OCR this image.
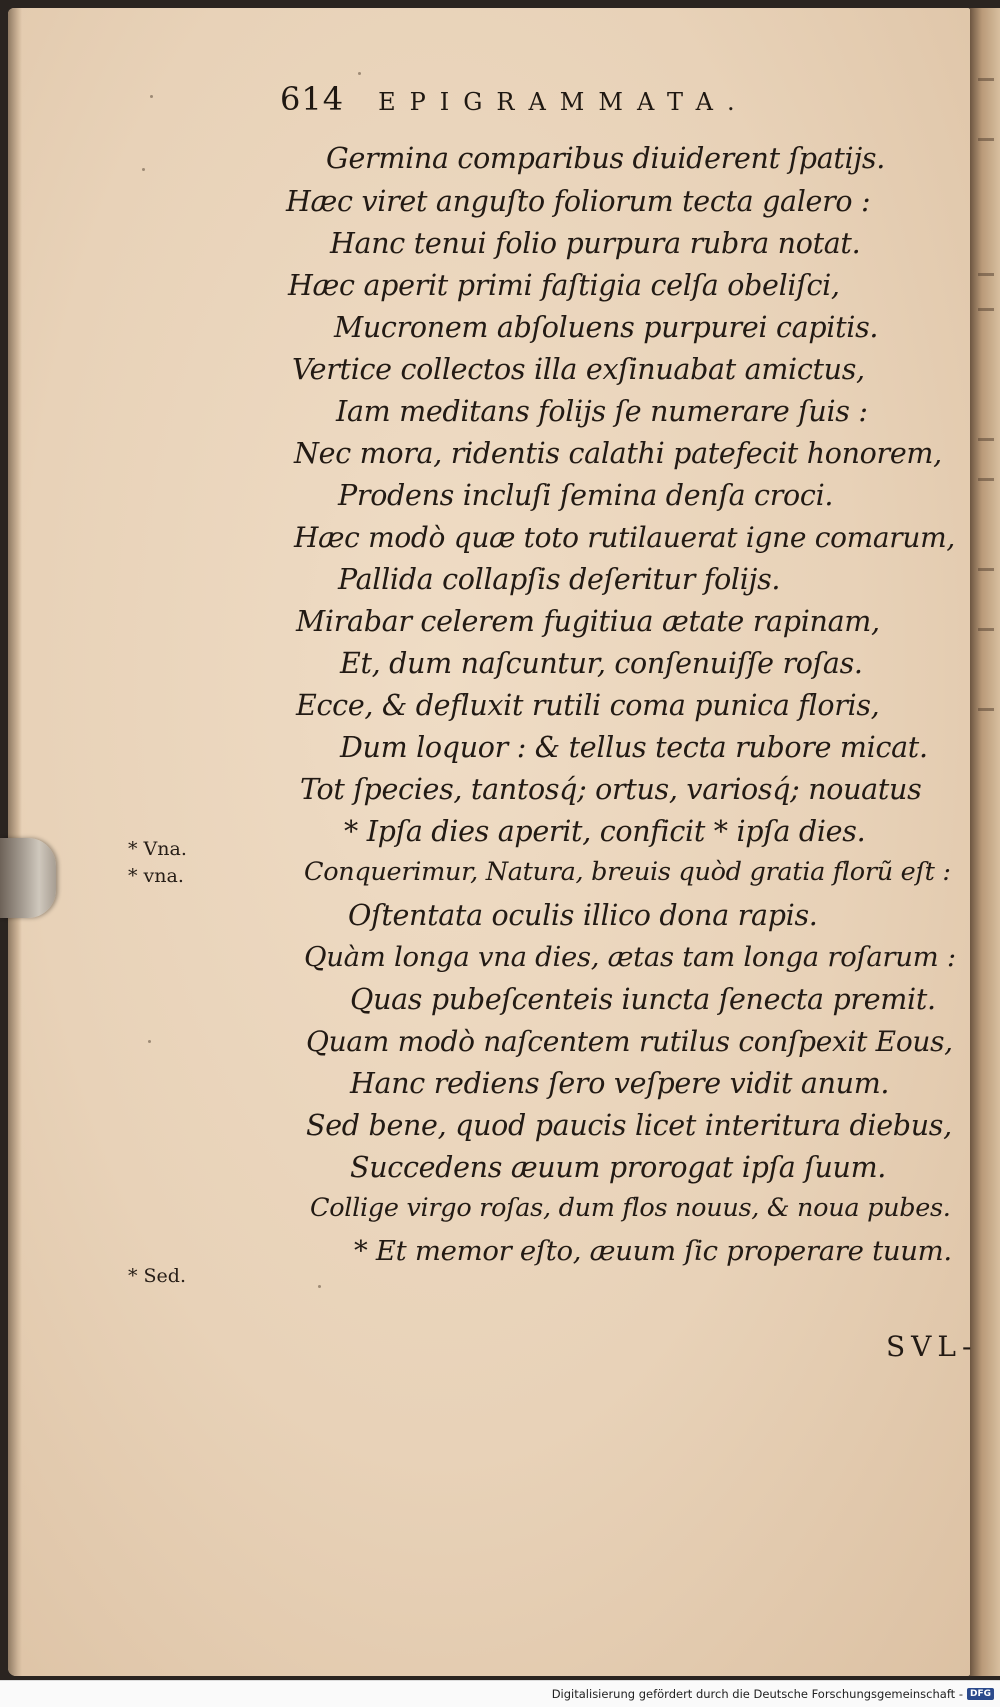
614 EPIGRAMMATA.
Germina comparibus diuiderent ſpatijs.
Hæc viret anguſto foliorum tecta galero :
Hanc tenui folio purpura rubra notat.
Hæc aperit primi faſtigia celſa obeliſci,
Mucronem abſoluens purpurei capitis.
Vertice collectos illa exſinuabat amictus,
Iam meditans folijs ſe numerare ſuis :
Nec mora, ridentis calathi patefecit honorem,
Prodens incluſi ſemina denſa croci.
Hæc modò quæ toto rutilauerat igne comarum,
Pallida collapſis deſeritur folijs.
Mirabar celerem fugitiua ætate rapinam,
Et, dum naſcuntur, conſenuiſſe roſas.
Ecce, & defluxit rutili coma punica floris,
Dum loquor : & tellus tecta rubore micat.
Tot ſpecies, tantosq́; ortus, variosq́; nouatus
* Ipſa dies aperit, conficit * ipſa dies.
Conquerimur, Natura, breuis quòd gratia florũ eſt :
Oſtentata oculis illico dona rapis.
Quàm longa vna dies, ætas tam longa roſarum :
Quas pubeſcenteis iuncta ſenecta premit.
Quam modò naſcentem rutilus conſpexit Eous,
Hanc rediens ſero veſpere vidit anum.
Sed bene, quod paucis licet interitura diebus,
Succedens æuum prorogat ipſa ſuum.
Collige virgo roſas, dum flos nouus, & noua pubes.
* Et memor eſto, æuum ſic properare tuum.
* Vna.
* vna.
* Sed.
SVL-
Digitalisierung gefördert durch die Deutsche Forschungsgemeinschaft - DFG
